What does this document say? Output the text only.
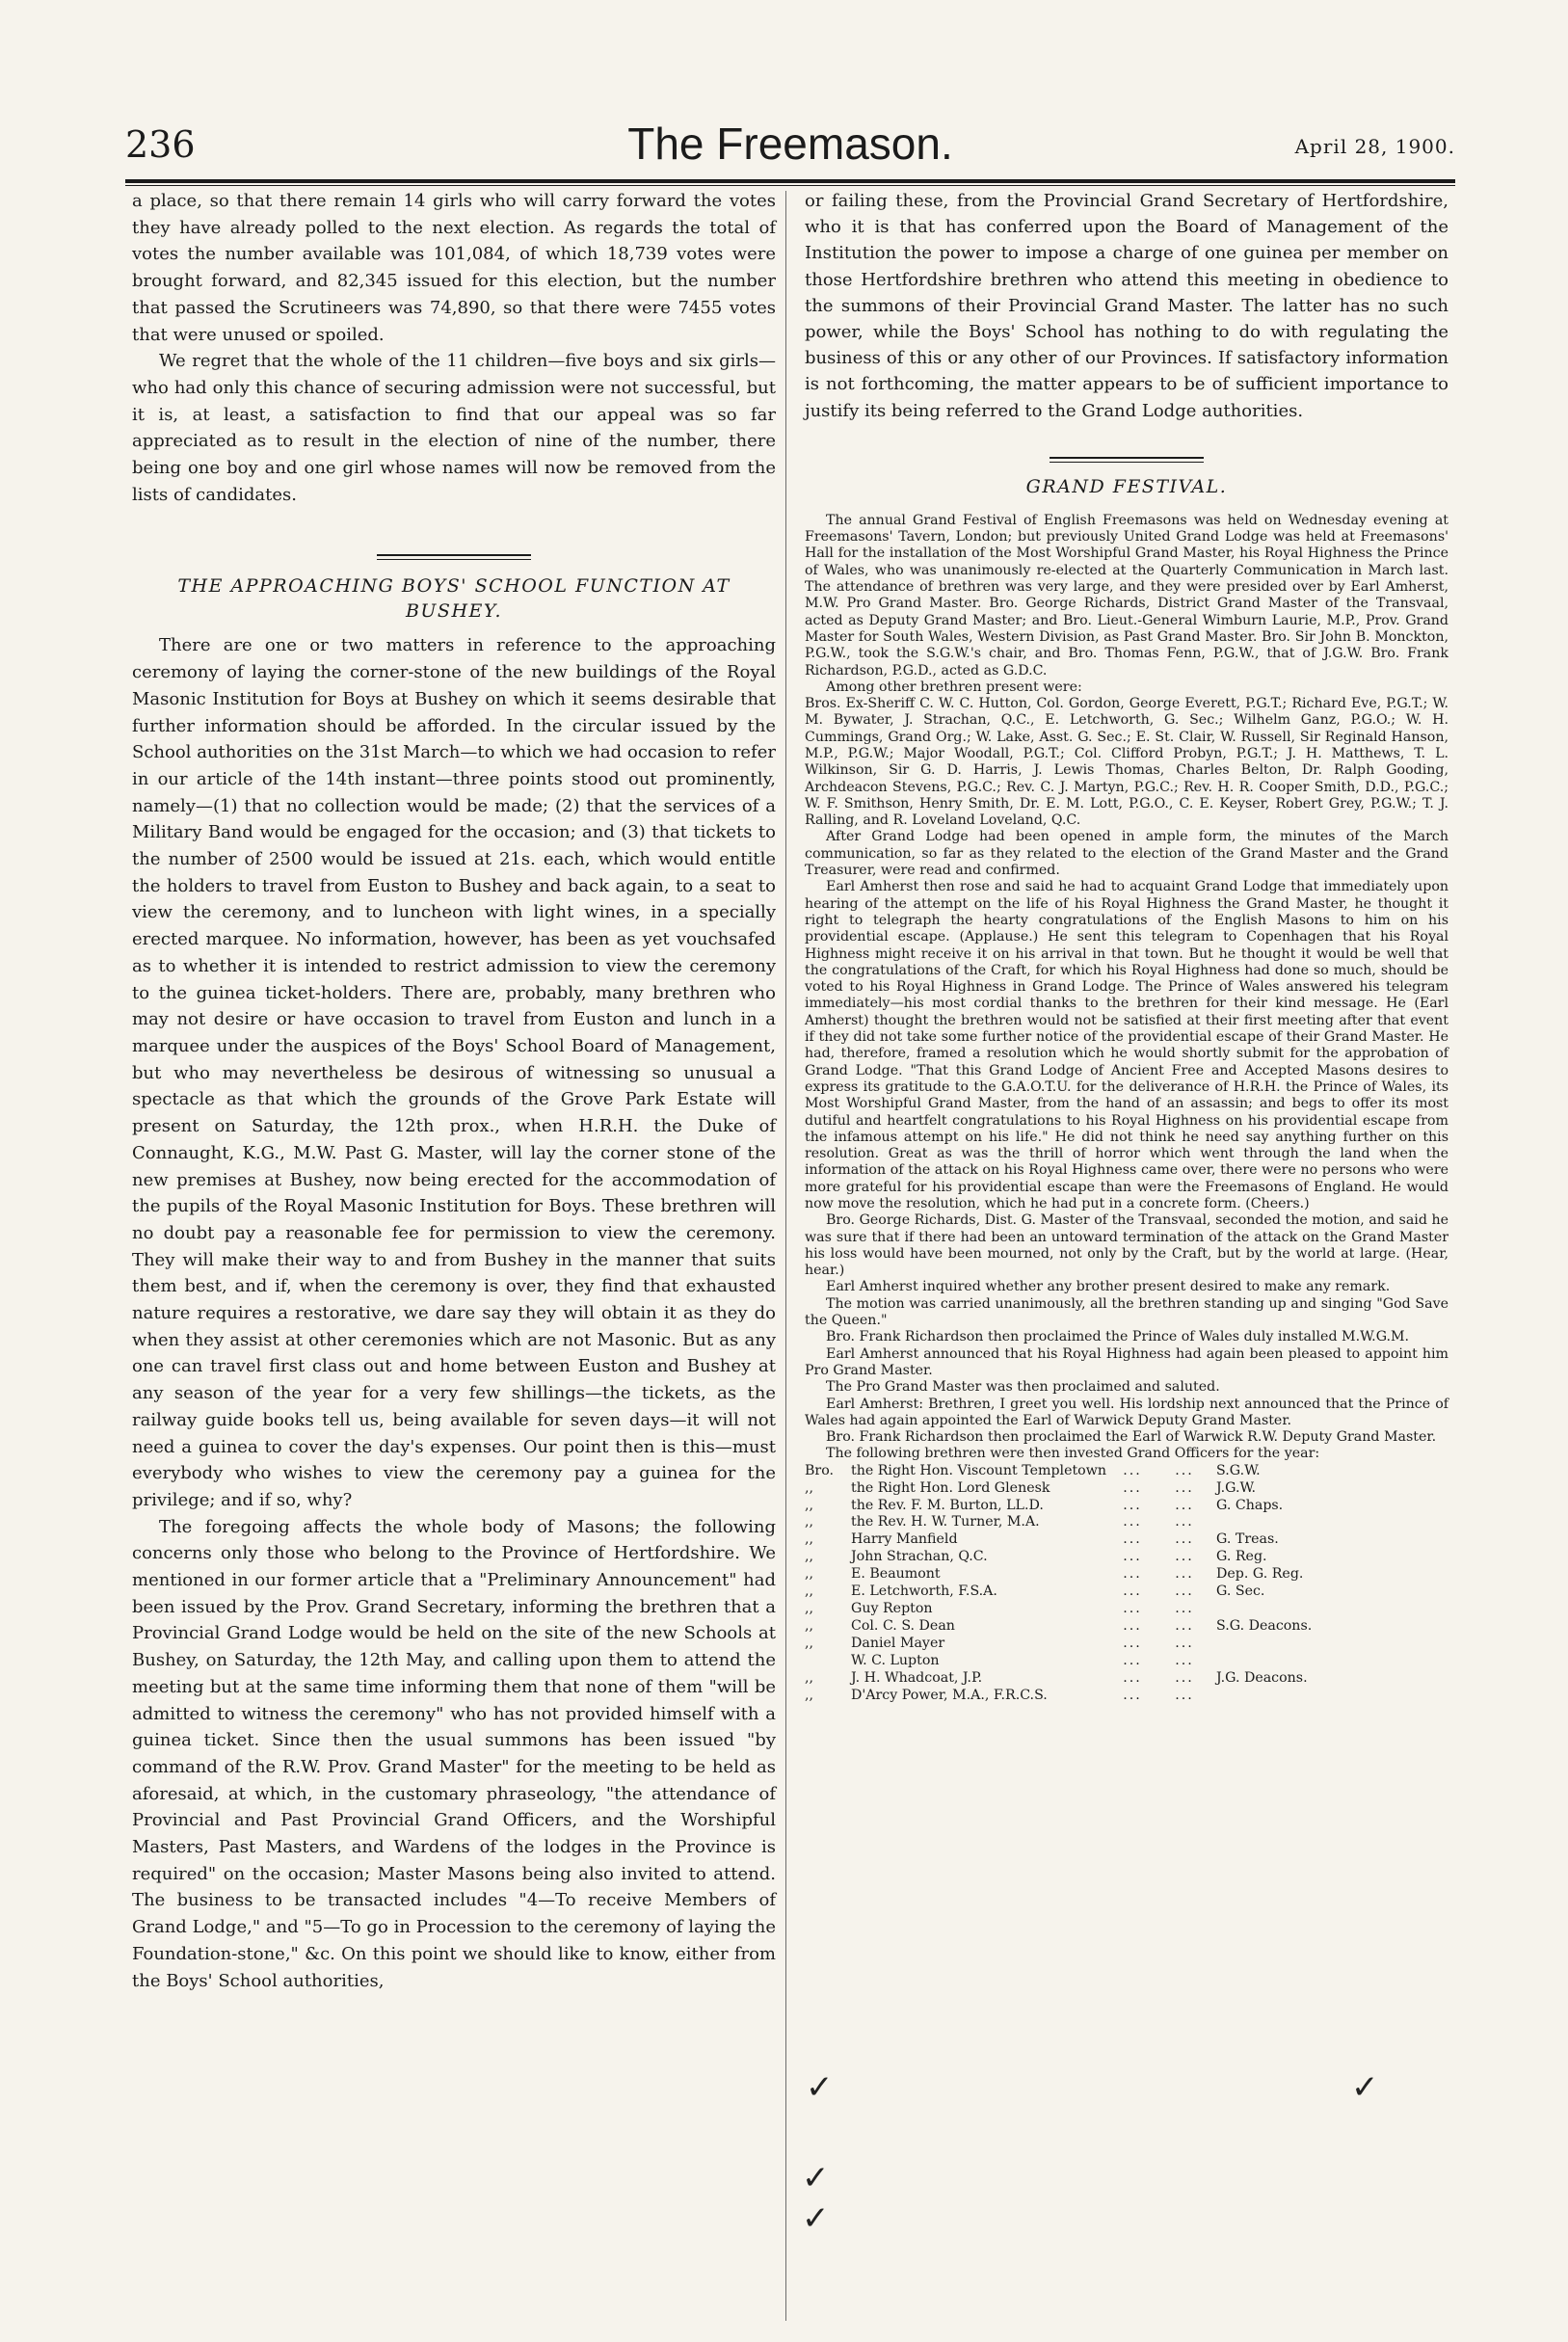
236	The Freemason.	April 28, 1900.

a place, so that there remain 14 girls who will carry forward the votes they have already polled to the next election. As regards the total of votes the number available was 101,084, of which 18,739 votes were brought forward, and 82,345 issued for this election, but the number that passed the Scrutineers was 74,890, so that there were 7455 votes that were unused or spoiled.

We regret that the whole of the 11 children—five boys and six girls—who had only this chance of securing admission were not successful, but it is, at least, a satisfaction to find that our appeal was so far appreciated as to result in the election of nine of the number, there being one boy and one girl whose names will now be removed from the lists of candidates.

THE APPROACHING BOYS' SCHOOL FUNCTION AT BUSHEY.

There are one or two matters in reference to the approaching ceremony of laying the corner-stone of the new buildings of the Royal Masonic Institution for Boys at Bushey on which it seems desirable that further information should be afforded. In the circular issued by the School authorities on the 31st March—to which we had occasion to refer in our article of the 14th instant—three points stood out prominently, namely—(1) that no collection would be made; (2) that the services of a Military Band would be engaged for the occasion; and (3) that tickets to the number of 2500 would be issued at 21s. each, which would entitle the holders to travel from Euston to Bushey and back again, to a seat to view the ceremony, and to luncheon with light wines, in a specially erected marquee. No information, however, has been as yet vouchsafed as to whether it is intended to restrict admission to view the ceremony to the guinea ticket-holders. There are, probably, many brethren who may not desire or have occasion to travel from Euston and lunch in a marquee under the auspices of the Boys' School Board of Management, but who may nevertheless be desirous of witnessing so unusual a spectacle as that which the grounds of the Grove Park Estate will present on Saturday, the 12th prox., when H.R.H. the Duke of Connaught, K.G., M.W. Past G. Master, will lay the corner stone of the new premises at Bushey, now being erected for the accommodation of the pupils of the Royal Masonic Institution for Boys. These brethren will no doubt pay a reasonable fee for permission to view the ceremony. They will make their way to and from Bushey in the manner that suits them best, and if, when the ceremony is over, they find that exhausted nature requires a restorative, we dare say they will obtain it as they do when they assist at other ceremonies which are not Masonic. But as any one can travel first class out and home between Euston and Bushey at any season of the year for a very few shillings—the tickets, as the railway guide books tell us, being available for seven days—it will not need a guinea to cover the day's expenses. Our point then is this—must everybody who wishes to view the ceremony pay a guinea for the privilege; and if so, why?

The foregoing affects the whole body of Masons; the following concerns only those who belong to the Province of Hertfordshire. We mentioned in our former article that a "Preliminary Announcement" had been issued by the Prov. Grand Secretary, informing the brethren that a Provincial Grand Lodge would be held on the site of the new Schools at Bushey, on Saturday, the 12th May, and calling upon them to attend the meeting but at the same time informing them that none of them "will be admitted to witness the ceremony" who has not provided himself with a guinea ticket. Since then the usual summons has been issued "by command of the R.W. Prov. Grand Master" for the meeting to be held as aforesaid, at which, in the customary phraseology, "the attendance of Provincial and Past Provincial Grand Officers, and the Worshipful Masters, Past Masters, and Wardens of the lodges in the Province is required" on the occasion; Master Masons being also invited to attend. The business to be transacted includes "4—To receive Members of Grand Lodge," and "5—To go in Procession to the ceremony of laying the Foundation-stone," &c. On this point we should like to know, either from the Boys' School authorities,

or failing these, from the Provincial Grand Secretary of Hertfordshire, who it is that has conferred upon the Board of Management of the Institution the power to impose a charge of one guinea per member on those Hertfordshire brethren who attend this meeting in obedience to the summons of their Provincial Grand Master. The latter has no such power, while the Boys' School has nothing to do with regulating the business of this or any other of our Provinces. If satisfactory information is not forthcoming, the matter appears to be of sufficient importance to justify its being referred to the Grand Lodge authorities.

GRAND FESTIVAL.

The annual Grand Festival of English Freemasons was held on Wednesday evening at Freemasons' Tavern, London; but previously United Grand Lodge was held at Freemasons' Hall for the installation of the Most Worshipful Grand Master, his Royal Highness the Prince of Wales, who was unanimously re-elected at the Quarterly Communication in March last. The attendance of brethren was very large, and they were presided over by Earl Amherst, M.W. Pro Grand Master. Bro. George Richards, District Grand Master of the Transvaal, acted as Deputy Grand Master; and Bro. Lieut.-General Wimburn Laurie, M.P., Prov. Grand Master for South Wales, Western Division, as Past Grand Master. Bro. Sir John B. Monckton, P.G.W., took the S.G.W.'s chair, and Bro. Thomas Fenn, P.G.W., that of J.G.W. Bro. Frank Richardson, P.G.D., acted as G.D.C.

Among other brethren present were:

Bros. Ex-Sheriff C. W. C. Hutton, Col. Gordon, George Everett, P.G.T.; Richard Eve, P.G.T.; W. M. Bywater, J. Strachan, Q.C., E. Letchworth, G. Sec.; Wilhelm Ganz, P.G.O.; W. H. Cummings, Grand Org.; W. Lake, Asst. G. Sec.; E. St. Clair, W. Russell, Sir Reginald Hanson, M.P., P.G.W.; Major Woodall, P.G.T.; Col. Clifford Probyn, P.G.T.; J. H. Matthews, T. L. Wilkinson, Sir G. D. Harris, J. Lewis Thomas, Charles Belton, Dr. Ralph Gooding, Archdeacon Stevens, P.G.C.; Rev. C. J. Martyn, P.G.C.; Rev. H. R. Cooper Smith, D.D., P.G.C.; W. F. Smithson, Henry Smith, Dr. E. M. Lott, P.G.O., C. E. Keyser, Robert Grey, P.G.W.; T. J. Ralling, and R. Loveland Loveland, Q.C.

After Grand Lodge had been opened in ample form, the minutes of the March communication, so far as they related to the election of the Grand Master and the Grand Treasurer, were read and confirmed.

Earl Amherst then rose and said he had to acquaint Grand Lodge that immediately upon hearing of the attempt on the life of his Royal Highness the Grand Master, he thought it right to telegraph the hearty congratulations of the English Masons to him on his providential escape. (Applause.) He sent this telegram to Copenhagen that his Royal Highness might receive it on his arrival in that town. But he thought it would be well that the congratulations of the Craft, for which his Royal Highness had done so much, should be voted to his Royal Highness in Grand Lodge. The Prince of Wales answered his telegram immediately—his most cordial thanks to the brethren for their kind message. He (Earl Amherst) thought the brethren would not be satisfied at their first meeting after that event if they did not take some further notice of the providential escape of their Grand Master. He had, therefore, framed a resolution which he would shortly submit for the approbation of Grand Lodge. "That this Grand Lodge of Ancient Free and Accepted Masons desires to express its gratitude to the G.A.O.T.U. for the deliverance of H.R.H. the Prince of Wales, its Most Worshipful Grand Master, from the hand of an assassin; and begs to offer its most dutiful and heartfelt congratulations to his Royal Highness on his providential escape from the infamous attempt on his life." He did not think he need say anything further on this resolution. Great as was the thrill of horror which went through the land when the information of the attack on his Royal Highness came over, there were no persons who were more grateful for his providential escape than were the Freemasons of England. He would now move the resolution, which he had put in a concrete form. (Cheers.)

Bro. George Richards, Dist. G. Master of the Transvaal, seconded the motion, and said he was sure that if there had been an untoward termination of the attack on the Grand Master his loss would have been mourned, not only by the Craft, but by the world at large. (Hear, hear.)

Earl Amherst inquired whether any brother present desired to make any remark.

The motion was carried unanimously, all the brethren standing up and singing "God Save the Queen."

Bro. Frank Richardson then proclaimed the Prince of Wales duly installed M.W.G.M.

Earl Amherst announced that his Royal Highness had again been pleased to appoint him Pro Grand Master.

The Pro Grand Master was then proclaimed and saluted.

Earl Amherst: Brethren, I greet you well. His lordship next announced that the Prince of Wales had again appointed the Earl of Warwick Deputy Grand Master.

Bro. Frank Richardson then proclaimed the Earl of Warwick R.W. Deputy Grand Master.

The following brethren were then invested Grand Officers for the year:

Bro.	the Right Hon. Viscount Templetown	...	...	S.G.W.
,,	the Right Hon. Lord Glenesk	...	...	J.G.W.
,,	the Rev. F. M. Burton, LL.D.	...	...	G. Chaps.
,,	the Rev. H. W. Turner, M.A.	...	...	
,,	Harry Manfield	...	...	G. Treas.
,,	John Strachan, Q.C.	...	...	G. Reg.
,,	E. Beaumont	...	...	Dep. G. Reg.
,,	E. Letchworth, F.S.A.	...	...	G. Sec.
,,	Guy Repton	...	...	
,,	Col. C. S. Dean	...	...	S.G. Deacons.
,,	Daniel Mayer	...	...	
	W. C. Lupton	...	...	
,,	J. H. Whadcoat, J.P.	...	...	J.G. Deacons.
,,	D'Arcy Power, M.A., F.R.C.S.	...	...	
✓	✓
✓
✓
